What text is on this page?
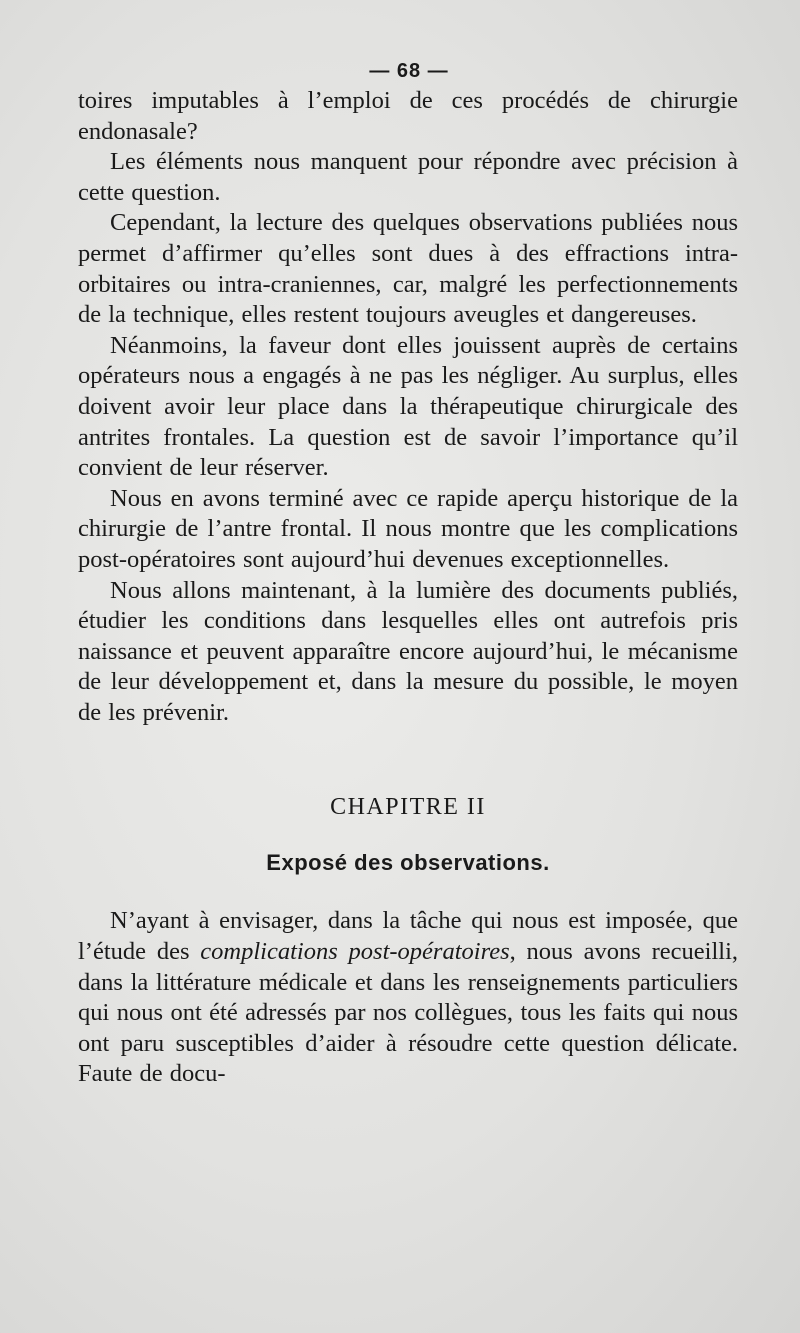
— 68 —

toires imputables à l’emploi de ces procédés de chirurgie endonasale?

Les éléments nous manquent pour répondre avec précision à cette question.

Cependant, la lecture des quelques observations publiées nous permet d’affirmer qu’elles sont dues à des effractions intra-orbitaires ou intra-craniennes, car, malgré les perfectionnements de la technique, elles restent toujours aveugles et dangereuses.

Néanmoins, la faveur dont elles jouissent auprès de certains opérateurs nous a engagés à ne pas les négliger. Au surplus, elles doivent avoir leur place dans la thérapeutique chirurgicale des antrites frontales. La question est de savoir l’importance qu’il convient de leur réserver.

Nous en avons terminé avec ce rapide aperçu historique de la chirurgie de l’antre frontal. Il nous montre que les complications post-opératoires sont aujourd’hui devenues exceptionnelles.

Nous allons maintenant, à la lumière des documents publiés, étudier les conditions dans lesquelles elles ont autrefois pris naissance et peuvent apparaître encore aujourd’hui, le mécanisme de leur développement et, dans la mesure du possible, le moyen de les prévenir.

CHAPITRE II
Exposé des observations.

N’ayant à envisager, dans la tâche qui nous est imposée, que l’étude des complications post-opératoires, nous avons recueilli, dans la littérature médicale et dans les renseignements particuliers qui nous ont été adressés par nos collègues, tous les faits qui nous ont paru susceptibles d’aider à résoudre cette question délicate. Faute de docu-
